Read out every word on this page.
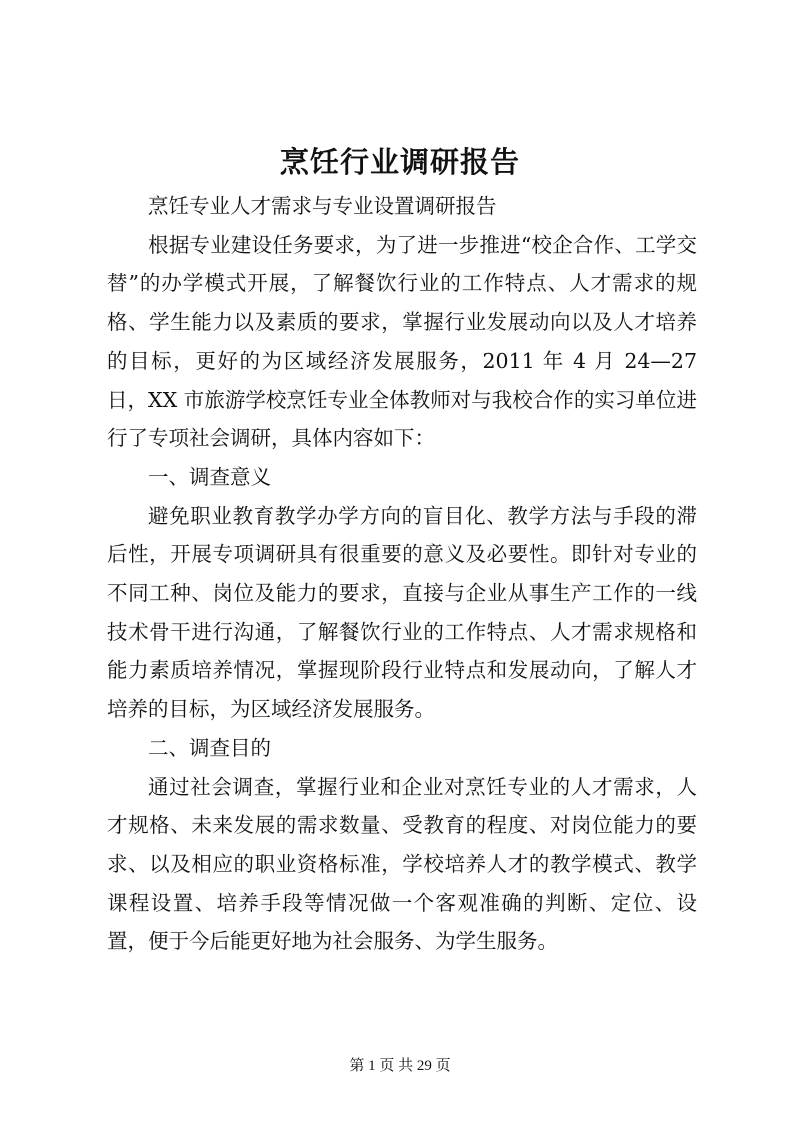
烹饪行业调研报告

烹饪专业人才需求与专业设置调研报告

根据专业建设任务要求，为了进一步推进“校企合作、工学交替”的办学模式开展，了解餐饮行业的工作特点、人才需求的规格、学生能力以及素质的要求，掌握行业发展动向以及人才培养的目标，更好的为区域经济发展服务，2011 年 4 月 24—27 日，XX 市旅游学校烹饪专业全体教师对与我校合作的实习单位进行了专项社会调研，具体内容如下：

一、调查意义

避免职业教育教学办学方向的盲目化、教学方法与手段的滞后性，开展专项调研具有很重要的意义及必要性。即针对专业的不同工种、岗位及能力的要求，直接与企业从事生产工作的一线技术骨干进行沟通，了解餐饮行业的工作特点、人才需求规格和能力素质培养情况，掌握现阶段行业特点和发展动向，了解人才培养的目标，为区域经济发展服务。

二、调查目的

通过社会调查，掌握行业和企业对烹饪专业的人才需求，人才规格、未来发展的需求数量、受教育的程度、对岗位能力的要求、以及相应的职业资格标准，学校培养人才的教学模式、教学课程设置、培养手段等情况做一个客观准确的判断、定位、设置，便于今后能更好地为社会服务、为学生服务。

第 1 页 共 29 页
